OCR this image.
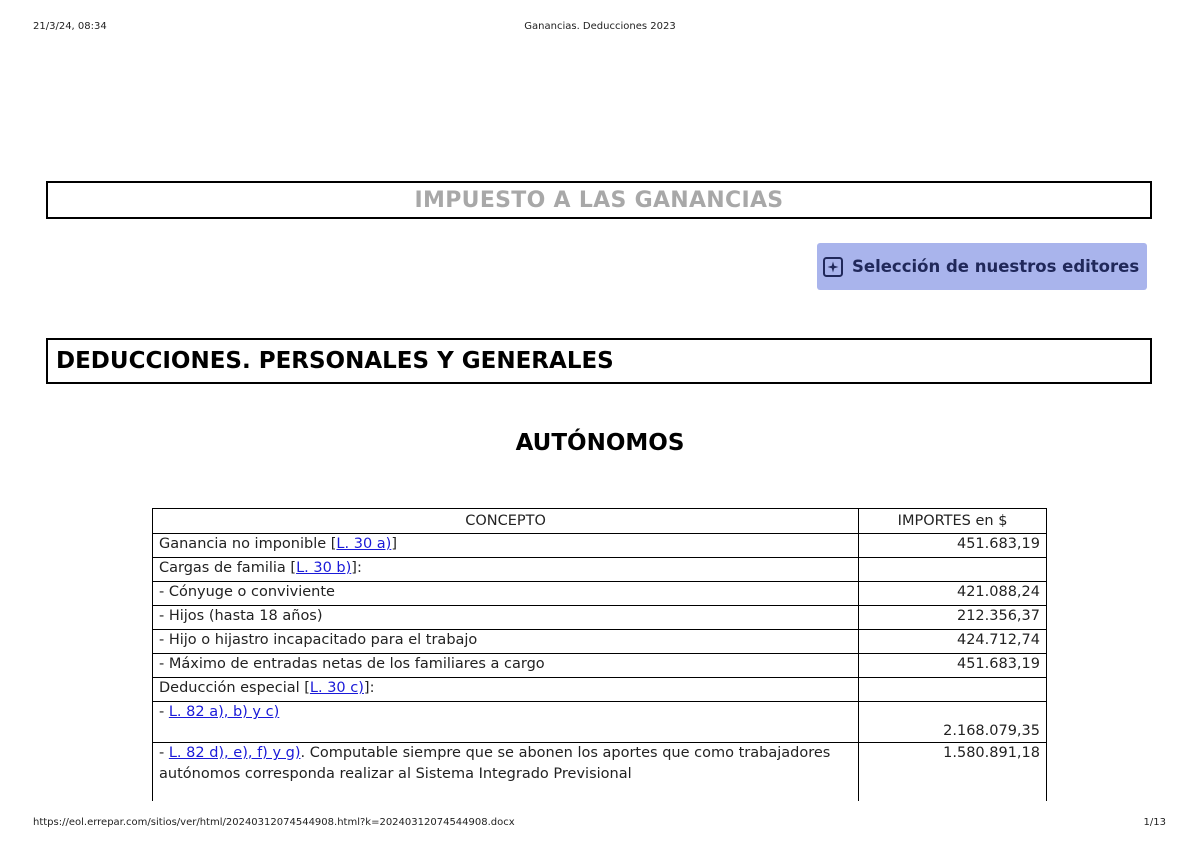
21/3/24, 08:34	Ganancias. Deducciones 2023
IMPUESTO A LAS GANANCIAS
Selección de nuestros editores
DEDUCCIONES. PERSONALES Y GENERALES
AUTÓNOMOS
CONCEPTO	IMPORTES en $
Ganancia no imponible [L. 30 a)]	451.683,19
Cargas de familia [L. 30 b)]:	
- Cónyuge o conviviente	421.088,24
- Hijos (hasta 18 años)	212.356,37
- Hijo o hijastro incapacitado para el trabajo	424.712,74
- Máximo de entradas netas de los familiares a cargo	451.683,19
Deducción especial [L. 30 c)]:	
- L. 82 a), b) y c)	2.168.079,35
- L. 82 d), e), f) y g). Computable siempre que se abonen los aportes que como trabajadores autónomos corresponda realizar al Sistema Integrado Previsional	1.580.891,18
https://eol.errepar.com/sitios/ver/html/20240312074544908.html?k=20240312074544908.docx	1/13
